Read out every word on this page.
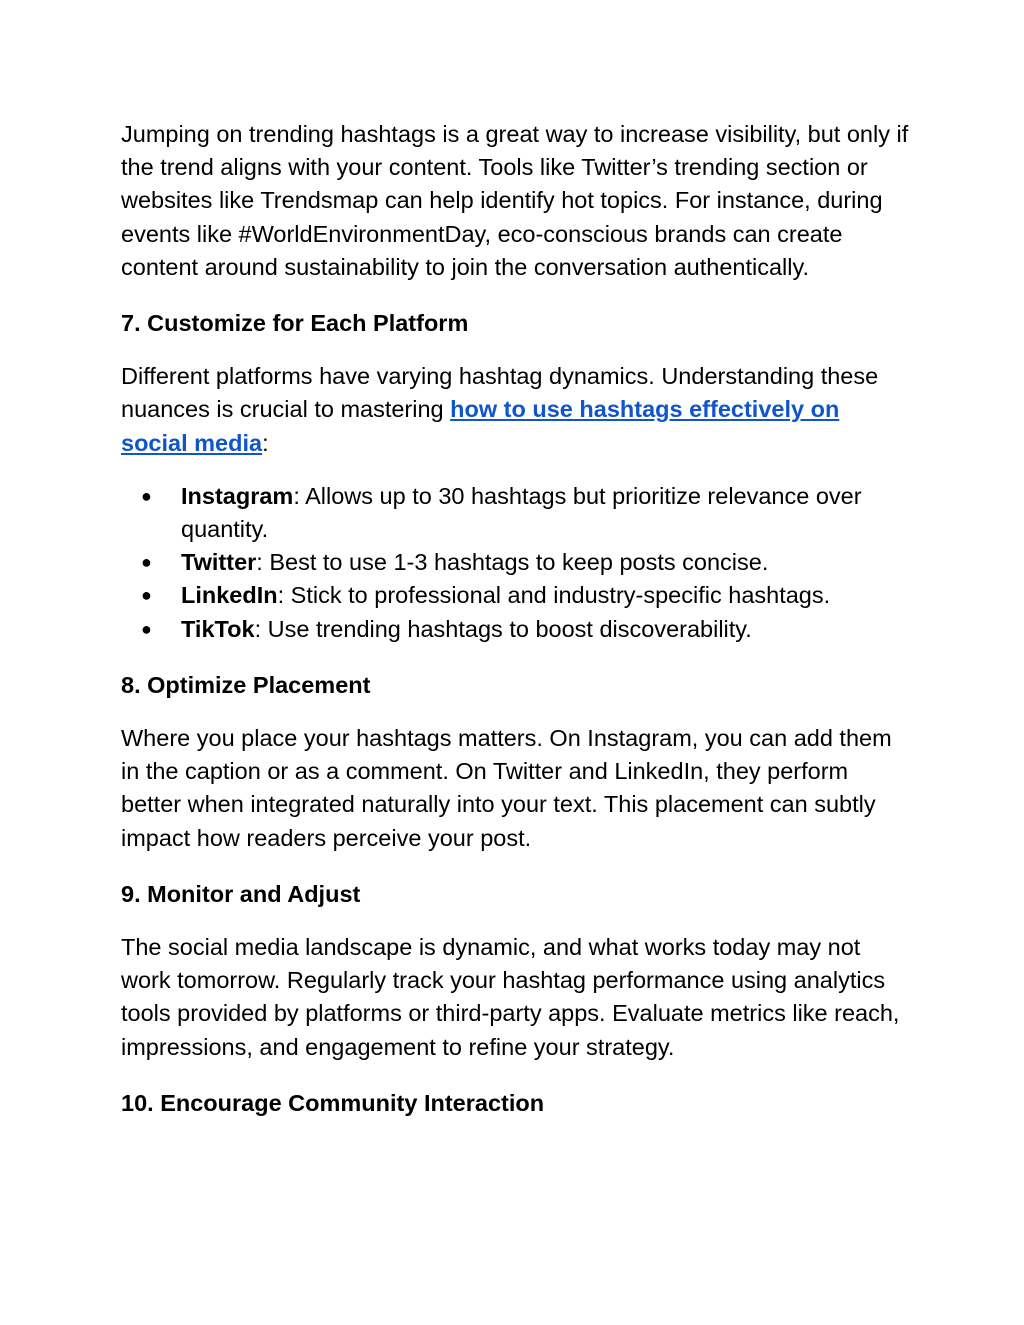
Jumping on trending hashtags is a great way to increase visibility, but only if the trend aligns with your content. Tools like Twitter’s trending section or websites like Trendsmap can help identify hot topics. For instance, during events like #WorldEnvironmentDay, eco-conscious brands can create content around sustainability to join the conversation authentically.

7. Customize for Each Platform

Different platforms have varying hashtag dynamics. Understanding these nuances is crucial to mastering how to use hashtags effectively on social media:

● Instagram: Allows up to 30 hashtags but prioritize relevance over quantity.
● Twitter: Best to use 1-3 hashtags to keep posts concise.
● LinkedIn: Stick to professional and industry-specific hashtags.
● TikTok: Use trending hashtags to boost discoverability.

8. Optimize Placement

Where you place your hashtags matters. On Instagram, you can add them in the caption or as a comment. On Twitter and LinkedIn, they perform better when integrated naturally into your text. This placement can subtly impact how readers perceive your post.

9. Monitor and Adjust

The social media landscape is dynamic, and what works today may not work tomorrow. Regularly track your hashtag performance using analytics tools provided by platforms or third-party apps. Evaluate metrics like reach, impressions, and engagement to refine your strategy.

10. Encourage Community Interaction
